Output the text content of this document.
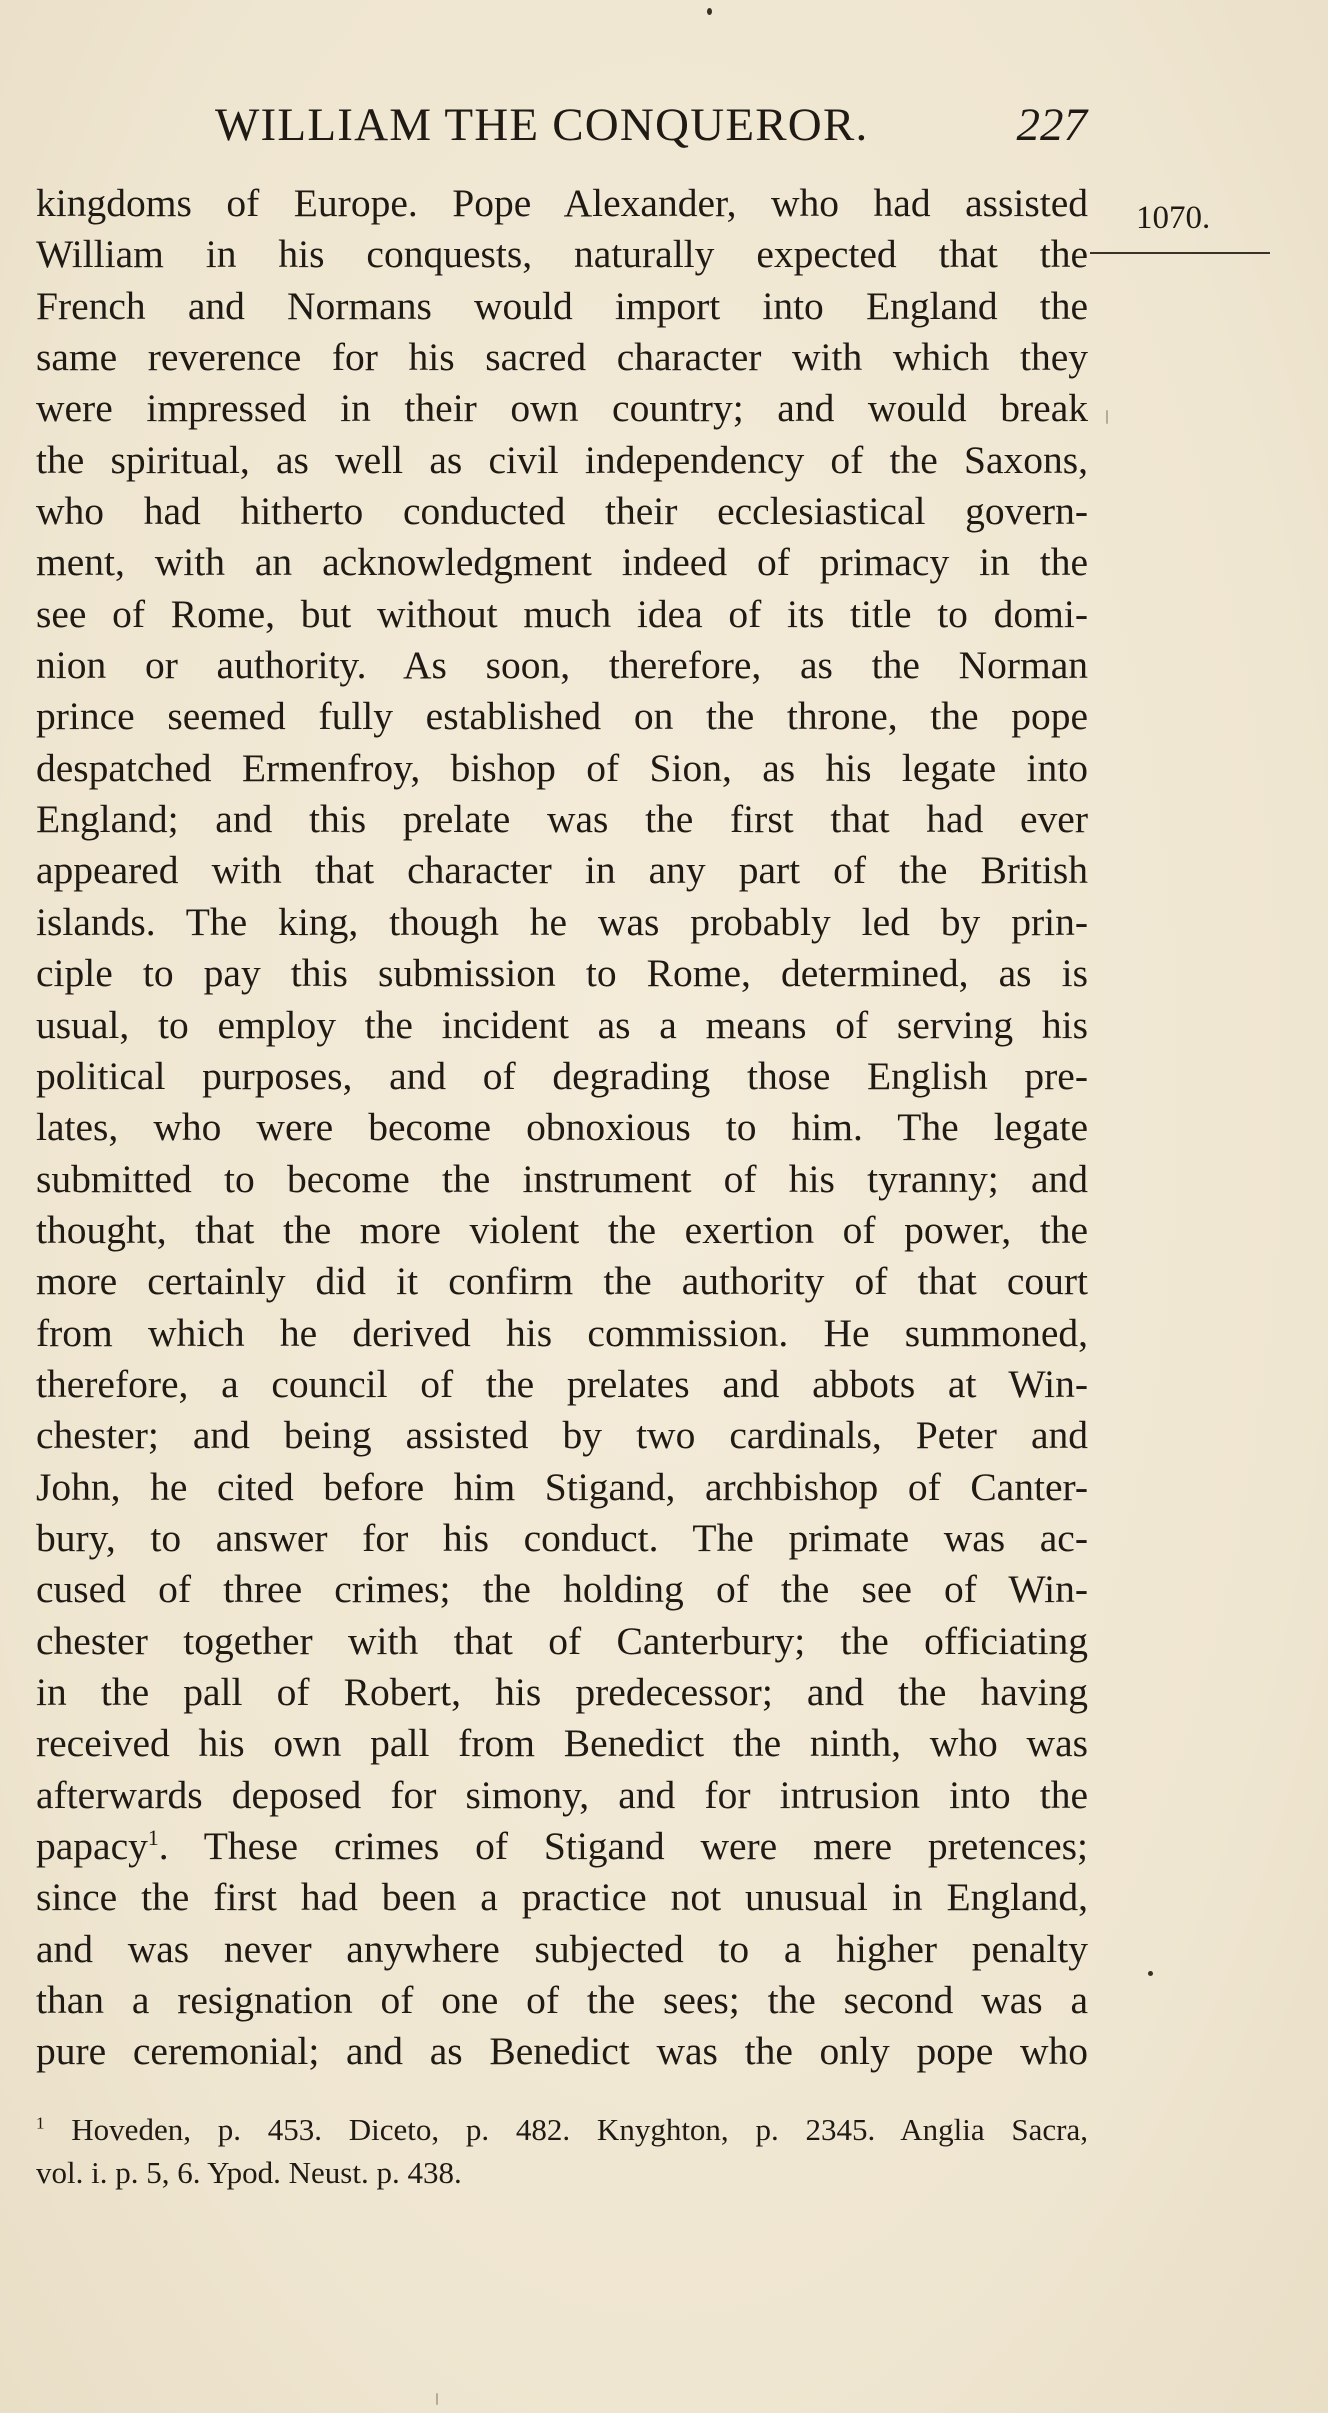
WILLIAM THE CONQUEROR.	227
1070.
kingdoms of Europe. Pope Alexander, who had assisted
William in his conquests, naturally expected that the
French and Normans would import into England the
same reverence for his sacred character with which they
were impressed in their own country; and would break
the spiritual, as well as civil independency of the Saxons,
who had hitherto conducted their ecclesiastical govern-
ment, with an acknowledgment indeed of primacy in the
see of Rome, but without much idea of its title to domi-
nion or authority. As soon, therefore, as the Norman
prince seemed fully established on the throne, the pope
despatched Ermenfroy, bishop of Sion, as his legate into
England; and this prelate was the first that had ever
appeared with that character in any part of the British
islands. The king, though he was probably led by prin-
ciple to pay this submission to Rome, determined, as is
usual, to employ the incident as a means of serving his
political purposes, and of degrading those English pre-
lates, who were become obnoxious to him. The legate
submitted to become the instrument of his tyranny; and
thought, that the more violent the exertion of power, the
more certainly did it confirm the authority of that court
from which he derived his commission. He summoned,
therefore, a council of the prelates and abbots at Win-
chester; and being assisted by two cardinals, Peter and
John, he cited before him Stigand, archbishop of Canter-
bury, to answer for his conduct. The primate was ac-
cused of three crimes; the holding of the see of Win-
chester together with that of Canterbury; the officiating
in the pall of Robert, his predecessor; and the having
received his own pall from Benedict the ninth, who was
afterwards deposed for simony, and for intrusion into the
papacy$^1$. These crimes of Stigand were mere pretences;
since the first had been a practice not unusual in England,
and was never anywhere subjected to a higher penalty
than a resignation of one of the sees; the second was a
pure ceremonial; and as Benedict was the only pope who
$^1$ Hoveden, p. 453. Diceto, p. 482. Knyghton, p. 2345. Anglia Sacra,
vol. i. p. 5, 6. Ypod. Neust. p. 438.
